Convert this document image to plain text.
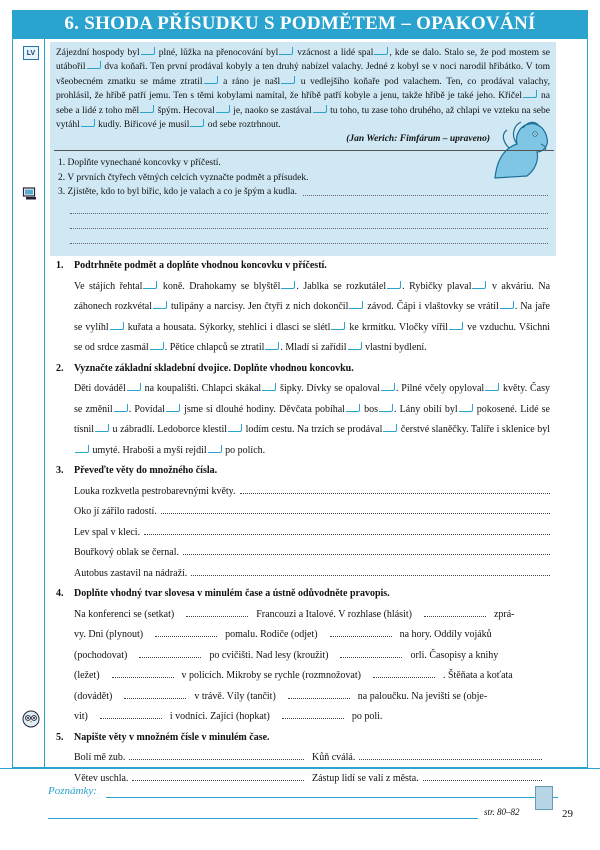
6. SHODA PŘÍSUDKU S PODMĚTEM – OPAKOVÁNÍ
LV	Zájezdní hospody byl plné, lůžka na přenocování byl vzácnost a lidé spal , kde se dalo. Stalo se, že pod mostem se utábořil dva koňaři. Ten první prodával kobyly a ten druhý nabízel valachy. Jedné z kobyl se v noci narodil hříbátko. V tom všeobecném zmatku se máme ztratil a ráno je našl u vedlejšího koňaře pod valachem. Ten, co prodával valachy, prohlásil, že hříbě patří jemu. Ten s těmi kobylami namítal, že hříbě patří kobyle a jenu, takže hříbě je také jeho. Křičel na sebe a lidé z toho měl špým. Hecoval je, naoko se zastával tu toho, tu zase toho druhého, až chlapi ve vzteku na sebe vytáhl kudly. Biřicové je musil od sebe roztrhnout.
(Jan Werich: Fimfárum – upraveno)
1. Doplňte vynechané koncovky v příčestí.
2. V prvních čtyřech větných celcích vyznačte podmět a přísudek.
3. Zjistěte, kdo to byl biřic, kdo je valach a co je špým a kudla.
1.	Podtrhněte podmět a doplňte vhodnou koncovku v příčestí.
Ve stájích řehtal koně. Drahokamy se blyštěl . Jablka se rozkutálel . Rybičky plaval v akváriu. Na záhonech rozkvétal tulipány a narcisy. Jen čtyři z nich dokončil závod. Čápi i vlaštovky se vrátil . Na jaře se vylíhl kuřata a housata. Sýkorky, stehlíci i dlasci se slétl ke krmítku. Vločky vířil ve vzduchu. Všichni se od srdce zasmál . Pětice chlapců se ztratil . Mladí si zařídil vlastní bydlení.
2.	Vyznačte základní skladební dvojice. Doplňte vhodnou koncovku.
Děti dováděl na koupališti. Chlapci skákal šipky. Dívky se opaloval . Pilné včely opyloval květy. Časy se změnil . Povídal jsme si dlouhé hodiny. Děvčata pobíhal bos . Lány obilí byl pokosené. Lidé se tísnil u zábradlí. Ledoborce klestil lodím cestu. Na trzích se prodával čerstvé slaněčky. Talíře i sklenice byl umyté. Hraboši a myši rejdil po polích.
3.	Převeďte věty do množného čísla.
Louka rozkvetla pestrobarevnými květy.
Oko jí zářilo radostí.
Lev spal v kleci.
Bouřkový oblak se černal.
Autobus zastavil na nádraží.
4.	Doplňte vhodný tvar slovesa v minulém čase a ústně odůvodněte pravopis.
Na konferenci se (setkat)	Francouzi a Italové. V rozhlase (hlásit)	zprá-
vy. Dni (plynout)	pomalu. Rodiče (odjet)	na hory. Oddíly vojáků
(pochodovat)	po cvičišti. Nad lesy (kroužit)	orli. Časopisy a knihy
(ležet)	v policích. Mikroby se rychle (rozmnožovat)	. Štěňata a koťata
(dovádět)	v trávě. Víly (tančit)	na paloučku. Na jevišti se (obje-
vit)	i vodníci. Zajíci (hopkat)	po poli.
5.	Napište věty v množném čísle v minulém čase.
Bolí mě zub.	Kůň cválá.
Větev uschla.	Zástup lidí se valí z města.
Poznámky:
str. 80–82	29
